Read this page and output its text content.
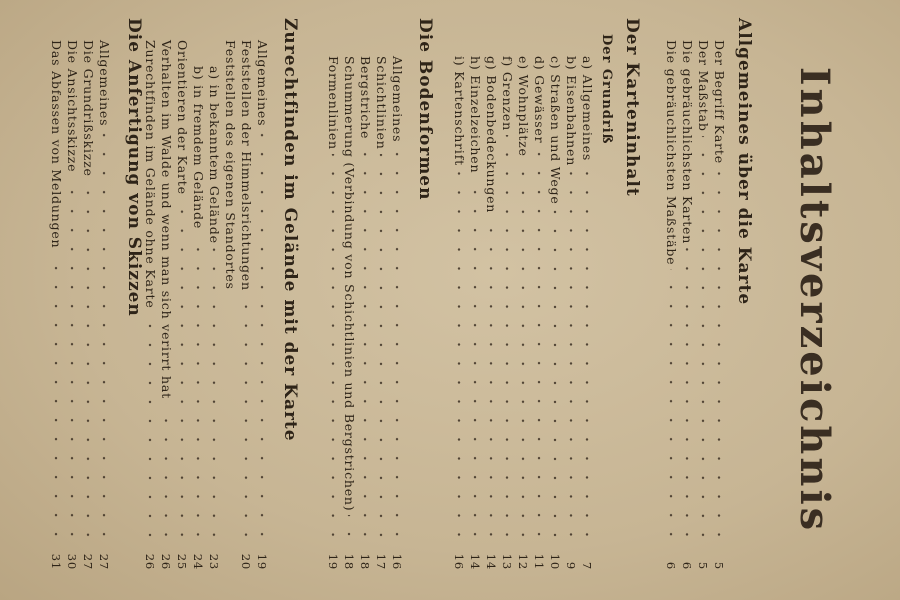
Inhaltsverzeichnis
Allgemeines über die Karte
Der Begriff Karte
5
Der Maßstab
5
Die gebräuchlichsten Karten
6
Die gebräuchlichsten Maßstäbe
6
Der Karteninhalt
Der Grundriß
a) Allgemeines
7
b) Eisenbahnen
9
c) Straßen und Wege
10
d) Gewässer
11
e) Wohnplätze
12
f) Grenzen
13
g) Bodenbedeckungen
14
h) Einzelzeichen
14
i) Kartenschrift
16
Die Bodenformen
Allgemeines
16
Schichtlinien
17
Bergstriche
18
Schummerung (Verbindung von Schichtlinien und Bergstrichen)
18
Formenlinien
19
Zurechtfinden im Gelände mit der Karte
Allgemeines
19
Feststellen der Himmelsrichtungen
20
Feststellen des eigenen Standortes
a) in bekanntem Gelände
23
b) in fremdem Gelände
24
Orientieren der Karte
25
Verhalten im Walde und wenn man sich verirrt hat
26
Zurechtfinden im Gelände ohne Karte
26
Die Anfertigung von Skizzen
Allgemeines
27
Die Grundrißskizze
27
Die Ansichtsskizze
30
Das Abfassen von Meldungen
31
